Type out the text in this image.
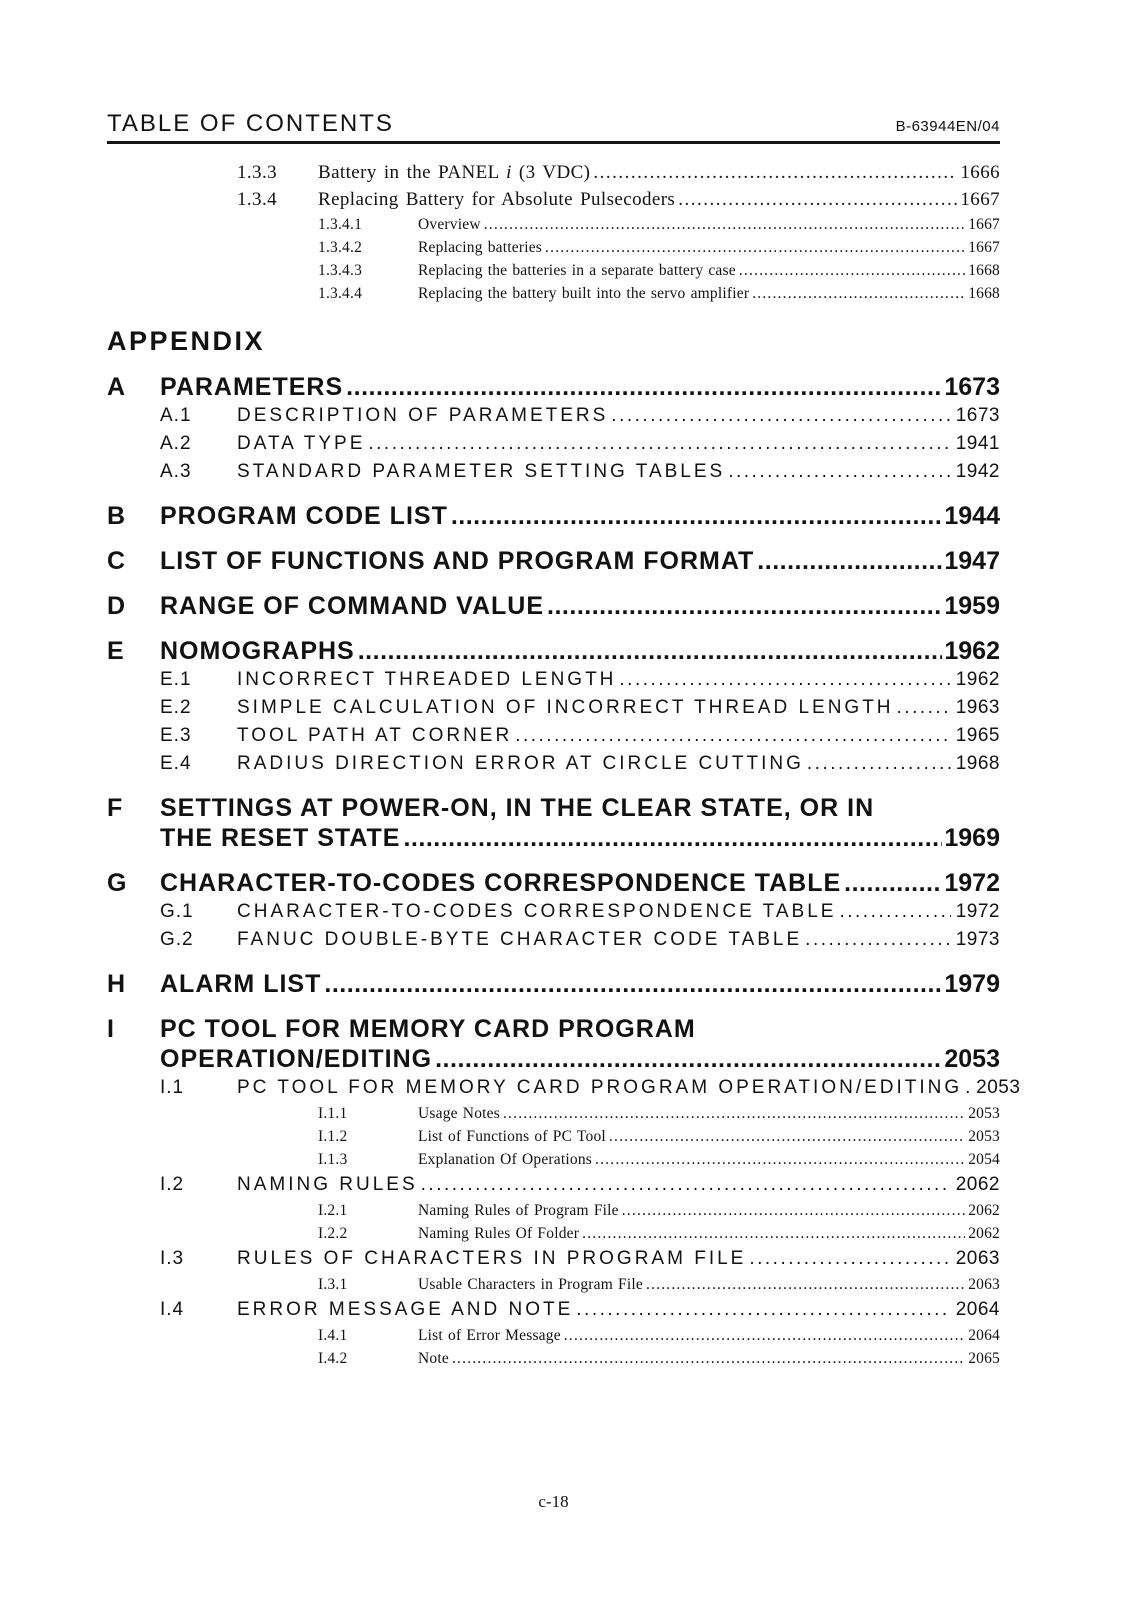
TABLE OF CONTENTS	B-63944EN/04
1.3.3	Battery in the PANEL i (3 VDC) .....	1666
1.3.4	Replacing Battery for Absolute Pulsecoders .....	1667
1.3.4.1	Overview .....	1667
1.3.4.2	Replacing batteries .....	1667
1.3.4.3	Replacing the batteries in a separate battery case .....	1668
1.3.4.4	Replacing the battery built into the servo amplifier .....	1668
APPENDIX
A	PARAMETERS .....	1673
A.1	DESCRIPTION OF PARAMETERS .....	1673
A.2	DATA TYPE .....	1941
A.3	STANDARD PARAMETER SETTING TABLES .....	1942
B	PROGRAM CODE LIST .....	1944
C	LIST OF FUNCTIONS AND PROGRAM FORMAT .....	1947
D	RANGE OF COMMAND VALUE .....	1959
E	NOMOGRAPHS .....	1962
E.1	INCORRECT THREADED LENGTH .....	1962
E.2	SIMPLE CALCULATION OF INCORRECT THREAD LENGTH .....	1963
E.3	TOOL PATH AT CORNER .....	1965
E.4	RADIUS DIRECTION ERROR AT CIRCLE CUTTING .....	1968
F	SETTINGS AT POWER-ON, IN THE CLEAR STATE, OR IN
THE RESET STATE .....	1969
G	CHARACTER-TO-CODES CORRESPONDENCE TABLE .....	1972
G.1	CHARACTER-TO-CODES CORRESPONDENCE TABLE .....	1972
G.2	FANUC DOUBLE-BYTE CHARACTER CODE TABLE .....	1973
H	ALARM LIST .....	1979
I	PC TOOL FOR MEMORY CARD PROGRAM
OPERATION/EDITING .....	2053
I.1	PC TOOL FOR MEMORY CARD PROGRAM OPERATION/EDITING ..... 2053
I.1.1	Usage Notes .....	2053
I.1.2	List of Functions of PC Tool .....	2053
I.1.3	Explanation Of Operations .....	2054
I.2	NAMING RULES .....	2062
I.2.1	Naming Rules of Program File .....	2062
I.2.2	Naming Rules Of Folder .....	2062
I.3	RULES OF CHARACTERS IN PROGRAM FILE .....	2063
I.3.1	Usable Characters in Program File .....	2063
I.4	ERROR MESSAGE AND NOTE .....	2064
I.4.1	List of Error Message .....	2064
I.4.2	Note .....	2065
c-18
